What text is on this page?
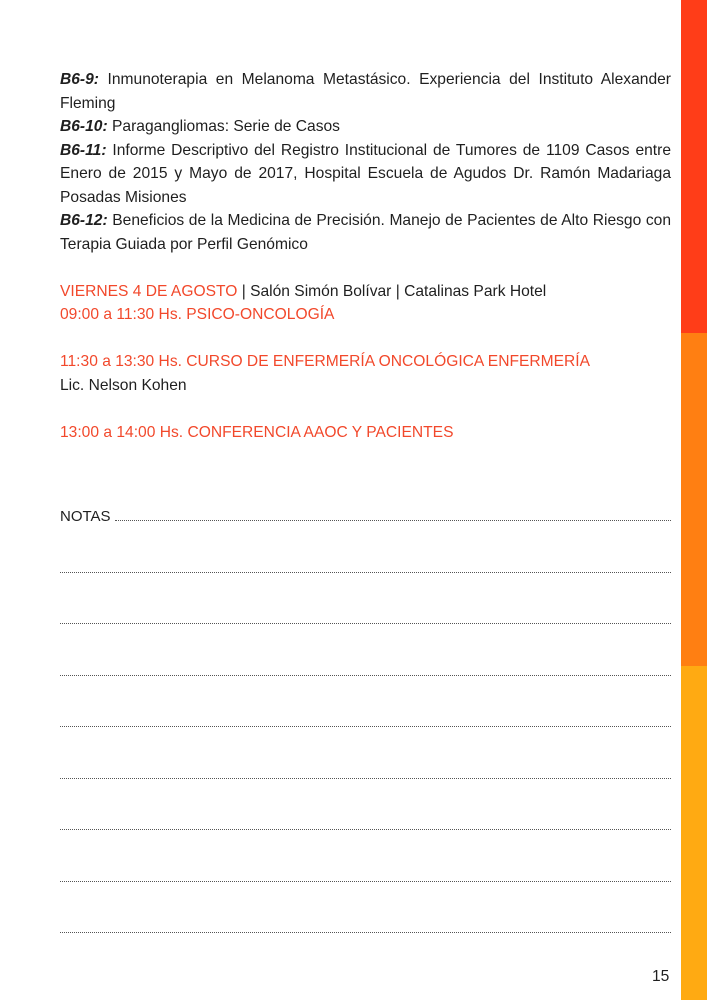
B6-9: Inmunoterapia en Melanoma Metastásico. Experiencia del Instituto Alexander Fleming

B6-10: Paragangliomas: Serie de Casos

B6-11: Informe Descriptivo del Registro Institucional de Tumores de 1109 Casos entre Enero de 2015 y Mayo de 2017, Hospital Escuela de Agudos Dr. Ramón Madariaga Posadas Misiones

B6-12: Beneficios de la Medicina de Precisión. Manejo de Pacientes de Alto Riesgo con Terapia Guiada por Perfil Genómico

VIERNES 4 DE AGOSTO | Salón Simón Bolívar | Catalinas Park Hotel

09:00 a 11:30 Hs. PSICO-ONCOLOGÍA

11:30 a 13:30 Hs. CURSO DE ENFERMERÍA ONCOLÓGICA ENFERMERÍA

Lic. Nelson Kohen

13:00 a 14:00 Hs. CONFERENCIA AAOC Y PACIENTES

NOTAS
15
